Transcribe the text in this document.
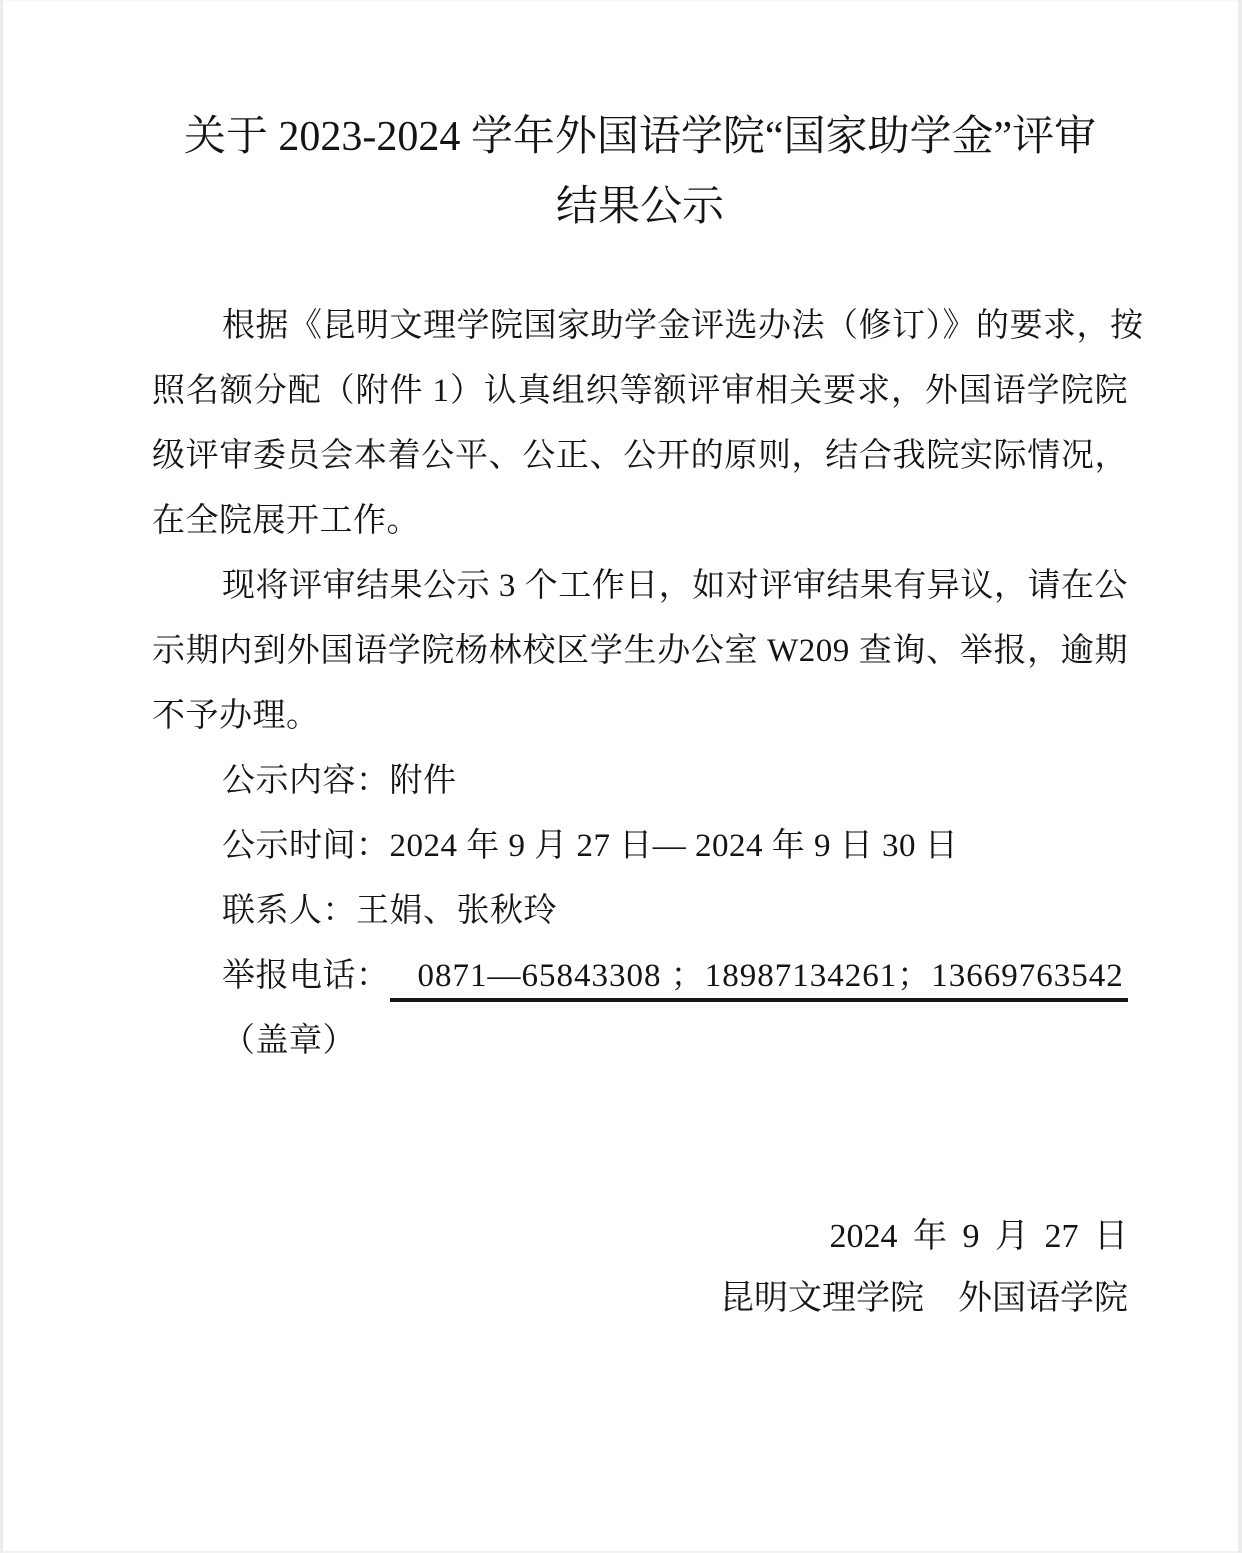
关于 2023-2024 学年外国语学院“国家助学金”评审
结果公示
根据《昆明文理学院国家助学金评选办法（修订）》的要求，按
照名额分配（附件 1）认真组织等额评审相关要求，外国语学院院
级评审委员会本着公平、公正、公开的原则，结合我院实际情况，
在全院展开工作。
现将评审结果公示 3 个工作日，如对评审结果有异议，请在公
示期内到外国语学院杨林校区学生办公室 W209 查询、举报，逾期
不予办理。
公示内容：附件
公示时间：2024 年 9 月 27 日— 2024 年 9 日 30 日
联系人：王娟、张秋玲
举报电话： 0871—65843308 ；18987134261；13669763542
（盖章）
2024 年 9 月 27 日
昆明文理学院　外国语学院
